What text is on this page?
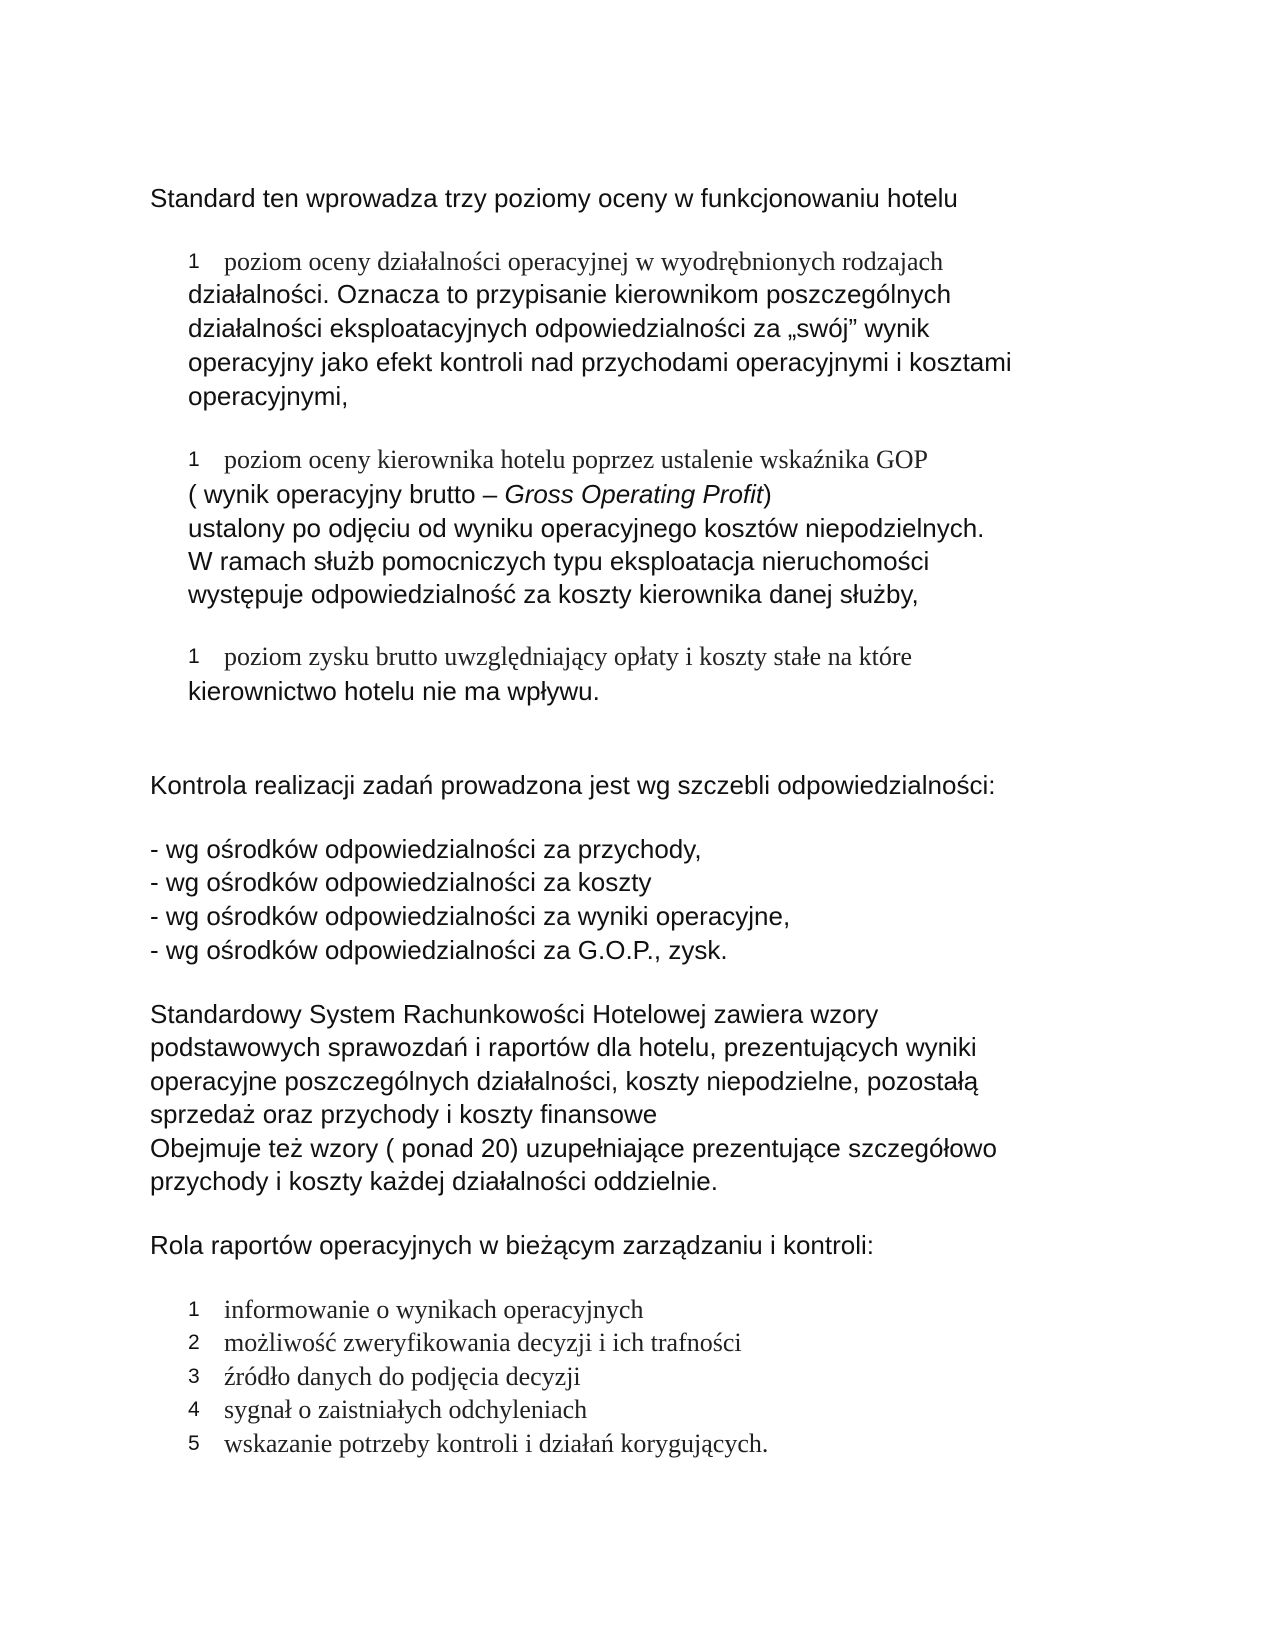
Standard ten wprowadza trzy poziomy oceny w funkcjonowaniu hotelu
1 poziom oceny działalności operacyjnej w wyodrębnionych rodzajach
działalności. Oznacza to przypisanie kierownikom poszczególnych
działalności eksploatacyjnych odpowiedzialności za „swój” wynik
operacyjny jako efekt kontroli nad przychodami operacyjnymi i kosztami
operacyjnymi,
1 poziom oceny kierownika hotelu poprzez ustalenie wskaźnika GOP
( wynik operacyjny brutto – Gross Operating Profit)
ustalony po odjęciu od wyniku operacyjnego kosztów niepodzielnych.
W ramach służb pomocniczych typu eksploatacja nieruchomości
występuje odpowiedzialność za koszty kierownika danej służby,
1 poziom zysku brutto uwzględniający opłaty i koszty stałe na które
kierownictwo hotelu nie ma wpływu.
Kontrola realizacji zadań prowadzona jest wg szczebli odpowiedzialności:
- wg ośrodków odpowiedzialności za przychody,
- wg ośrodków odpowiedzialności za koszty
- wg ośrodków odpowiedzialności za wyniki operacyjne,
- wg ośrodków odpowiedzialności za G.O.P., zysk.
Standardowy System Rachunkowości Hotelowej zawiera wzory
podstawowych sprawozdań i raportów dla hotelu, prezentujących wyniki
operacyjne poszczególnych działalności, koszty niepodzielne, pozostałą
sprzedaż oraz przychody i koszty finansowe
Obejmuje też wzory ( ponad 20) uzupełniające prezentujące szczegółowo
przychody i koszty każdej działalności oddzielnie.
Rola raportów operacyjnych w bieżącym zarządzaniu i kontroli:
1 informowanie o wynikach operacyjnych
2 możliwość zweryfikowania decyzji i ich trafności
3 źródło danych do podjęcia decyzji
4 sygnał o zaistniałych odchyleniach
5 wskazanie potrzeby kontroli i działań korygujących.
